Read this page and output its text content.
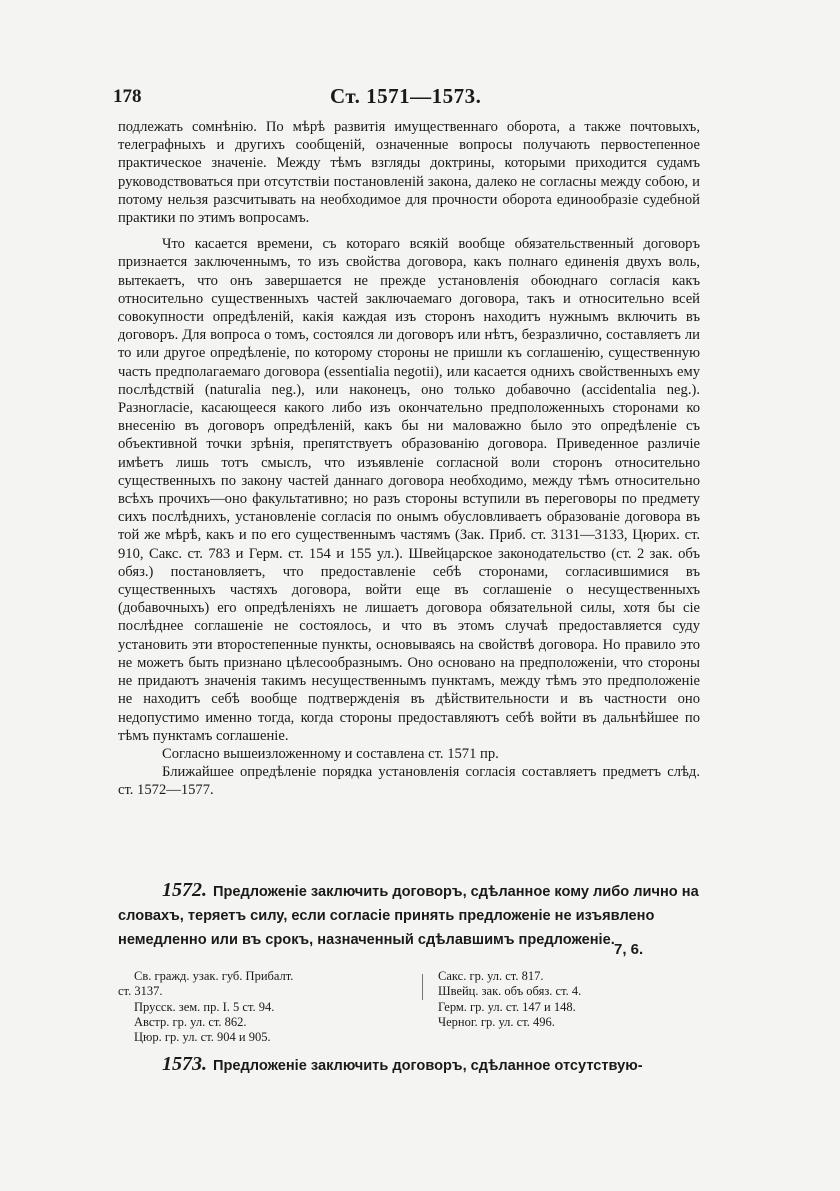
178	Ст. 1571—1573.

подлежать сомнѣнію. По мѣрѣ развитія имущественнаго оборота, а также почтовыхъ, телеграфныхъ и другихъ сообщеній, означенные вопросы получають первостепенное практическое значеніе. Между тѣмъ взгляды доктрины, которыми приходится судамъ руководствоваться при отсутствіи постановленій закона, далеко не согласны между собою, и потому нельзя разсчитывать на необходимое для прочности оборота единообразіе судебной практики по этимъ вопросамъ.

Что касается времени, съ котораго всякій вообще обязательственный договоръ признается заключеннымъ, то изъ свойства договора, какъ полнаго единенія двухъ воль, вытекаетъ, что онъ завершается не прежде установленія обоюднаго согласія какъ относительно существенныхъ частей заключаемаго договора, такъ и относительно всей совокупности опредѣленій, какія каждая изъ сторонъ находитъ нужнымъ включить въ договоръ. Для вопроса о томъ, состоялся ли договоръ или нѣтъ, безразлично, составляетъ ли то или другое опредѣленіе, по которому стороны не пришли къ соглашенію, существенную часть предполагаемаго договора (essentialia negotii), или касается однихъ свойственныхъ ему послѣдствій (naturalia neg.), или наконецъ, оно только добавочно (accidentalia neg.). Разногласіе, касающееся какого либо изъ окончательно предположенныхъ сторонами ко внесенію въ договоръ опредѣленій, какъ бы ни маловажно было это опредѣленіе съ объективной точки зрѣнія, препятствуетъ образованію договора. Приведенное различіе имѣетъ лишь тотъ смыслъ, что изъявленіе согласной воли сторонъ относительно существенныхъ по закону частей даннаго договора необходимо, между тѣмъ относительно всѣхъ прочихъ—оно факультативно; но разъ стороны вступили въ переговоры по предмету сихъ послѣднихъ, установленіе согласія по онымъ обусловливаетъ образованіе договора въ той же мѣрѣ, какъ и по его существеннымъ частямъ (Зак. Приб. ст. 3131—3133, Цюрих. ст. 910, Сакс. ст. 783 и Герм. ст. 154 и 155 ул.). Швейцарское законодательство (ст. 2 зак. объ обяз.) постановляетъ, что предоставленіе себѣ сторонами, согласившимися въ существенныхъ частяхъ договора, войти еще въ соглашеніе о несущественныхъ (добавочныхъ) его опредѣленіяхъ не лишаетъ договора обязательной силы, хотя бы сіе послѣднее соглашеніе не состоялось, и что въ этомъ случаѣ предоставляется суду установить эти второстепенные пункты, основываясь на свойствѣ договора. Но правило это не можетъ быть признано цѣлесообразнымъ. Оно основано на предположеніи, что стороны не придаютъ значенія такимъ несущественнымъ пунктамъ, между тѣмъ это предположеніе не находитъ себѣ вообще подтвержденія въ дѣйствительности и въ частности оно недопустимо именно тогда, когда стороны предоставляютъ себѣ войти въ дальнѣйшее по тѣмъ пунктамъ соглашеніе.

Согласно вышеизложенному и составлена ст. 1571 пр.

Ближайшее опредѣленіе порядка установленія согласія составляетъ предметъ слѣд. ст. 1572—1577.

1572. Предложеніе заключить договоръ, сдѣланное кому либо лично на словахъ, теряетъ силу, если согласіе принять предложеніе не изъявлено немедленно или въ срокъ, назначенный сдѣлавшимъ предложеніе.
7, 6.
Св. гражд. узак. губ. Прибалт.
ст. 3137.
Прусск. зем. пр. I. 5 ст. 94.
Австр. гр. ул. ст. 862.
Цюр. гр. ул. ст. 904 и 905.
Сакс. гр. ул. ст. 817.
Швейц. зак. объ обяз. ст. 4.
Герм. гр. ул. ст. 147 и 148.
Черног. гр. ул. ст. 496.
1573. Предложеніе заключить договоръ, сдѣланное отсутствую-
